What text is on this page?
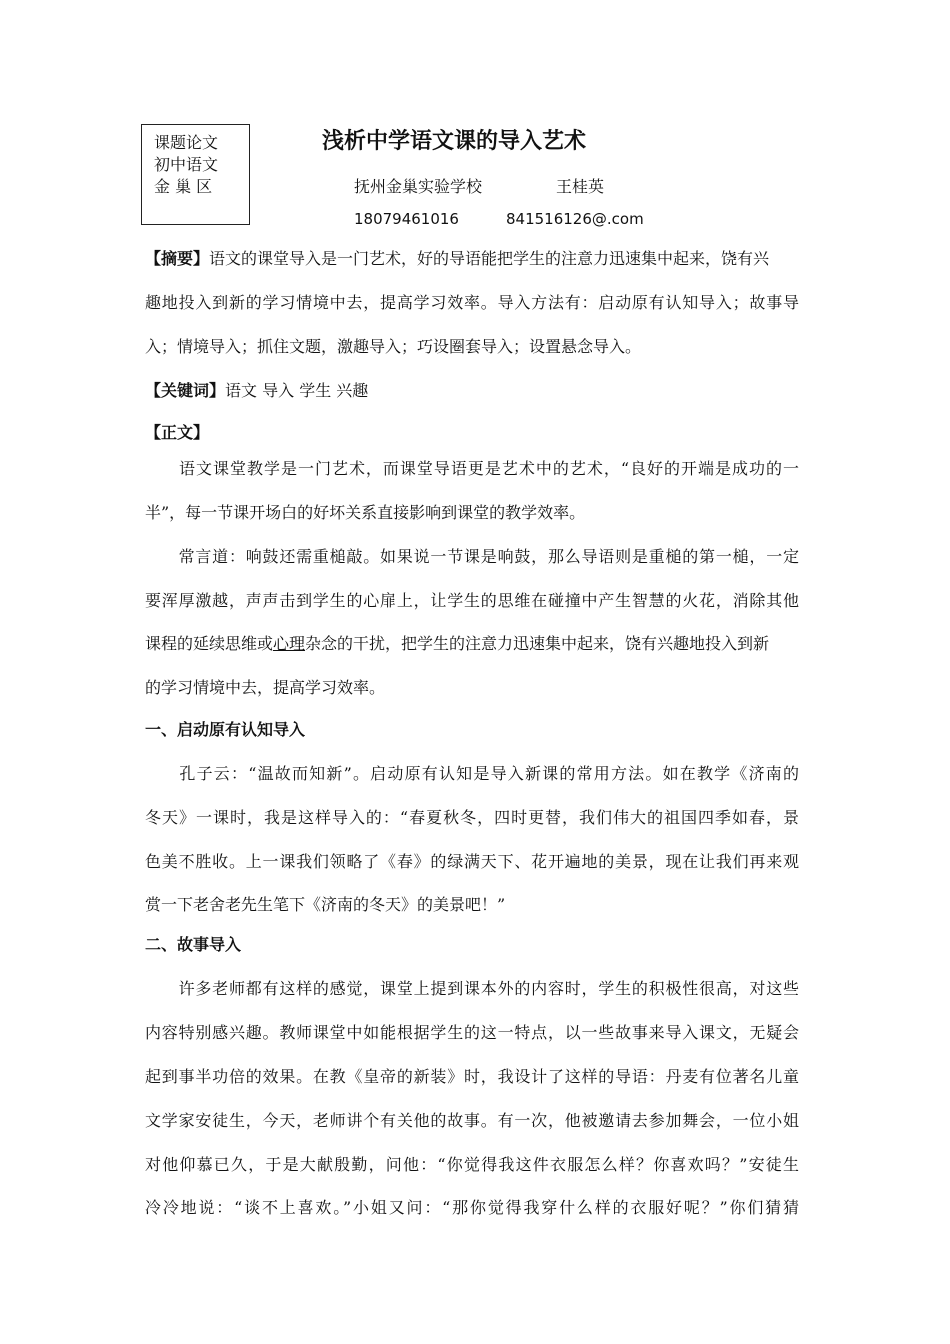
课题论文
初中语文
金 巢 区
浅析中学语文课的导入艺术
抚州金巢实验学校	王桂英
18079461016	841516126@.com
【摘要】语文的课堂导入是一门艺术，好的导语能把学生的注意力迅速集中起来，饶有兴
趣地投入到新的学习情境中去，提高学习效率。导入方法有：启动原有认知导入；故事导
入；情境导入；抓住文题，激趣导入；巧设圈套导入；设置悬念导入。
【关键词】语文 导入 学生 兴趣
【正文】
　　语文课堂教学是一门艺术，而课堂导语更是艺术中的艺术，“良好的开端是成功的一
半”，每一节课开场白的好坏关系直接影响到课堂的教学效率。
　　常言道：响鼓还需重槌敲。如果说一节课是响鼓，那么导语则是重槌的第一槌，一定
要浑厚激越，声声击到学生的心扉上，让学生的思维在碰撞中产生智慧的火花，消除其他
课程的延续思维或心理杂念的干扰，把学生的注意力迅速集中起来，饶有兴趣地投入到新
的学习情境中去，提高学习效率。
一、启动原有认知导入
　　孔子云：“温故而知新”。启动原有认知是导入新课的常用方法。如在教学《济南的
冬天》一课时，我是这样导入的：“春夏秋冬，四时更替，我们伟大的祖国四季如春，景
色美不胜收。上一课我们领略了《春》的绿满天下、花开遍地的美景，现在让我们再来观
赏一下老舍老先生笔下《济南的冬天》的美景吧！”
二、故事导入
　　许多老师都有这样的感觉，课堂上提到课本外的内容时，学生的积极性很高，对这些
内容特别感兴趣。教师课堂中如能根据学生的这一特点，以一些故事来导入课文，无疑会
起到事半功倍的效果。在教《皇帝的新装》时，我设计了这样的导语：丹麦有位著名儿童
文学家安徒生，今天，老师讲个有关他的故事。有一次，他被邀请去参加舞会，一位小姐
对他仰慕已久，于是大献殷勤，问他：“你觉得我这件衣服怎么样？你喜欢吗？”安徒生
冷冷地说：“谈不上喜欢。”小姐又问：“那你觉得我穿什么样的衣服好呢？”你们猜猜
